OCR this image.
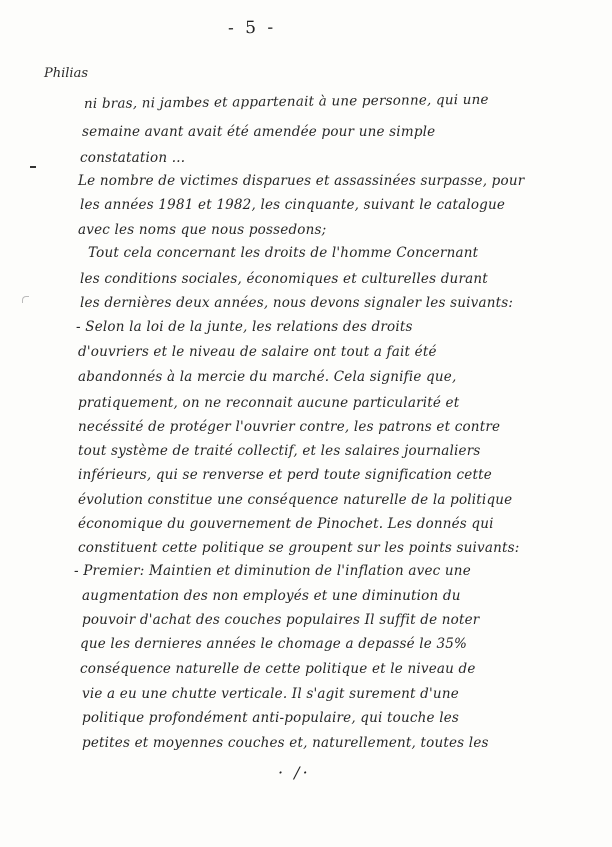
- 5 -
Philias
ni bras, ni jambes et appartenait à une personne, qui une
semaine avant avait été amendée pour une simple
constatation ...
Le nombre de victimes disparues et assassinées surpasse, pour
les années 1981 et 1982, les cinquante, suivant le catalogue
avec les noms que nous possedons;
Tout cela concernant les droits de l'homme Concernant
les conditions sociales, économiques et culturelles durant
les dernières deux années, nous devons signaler les suivants:
- Selon la loi de la junte, les relations des droits
d'ouvriers et le niveau de salaire ont tout a fait été
abandonnés à la mercie du marché. Cela signifie que,
pratiquement, on ne reconnait aucune particularité et
necéssité de protéger l'ouvrier contre, les patrons et contre
tout système de traité collectif, et les salaires journaliers
inférieurs, qui se renverse et perd toute signification cette
évolution constitue une conséquence naturelle de la politique
économique du gouvernement de Pinochet. Les donnés qui
constituent cette politique se groupent sur les points suivants:
- Premier: Maintien et diminution de l'inflation avec une
augmentation des non employés et une diminution du
pouvoir d'achat des couches populaires Il suffit de noter
que les dernieres années le chomage a depassé le 35%
conséquence naturelle de cette politique et le niveau de
vie a eu une chutte verticale. Il s'agit surement d'une
politique profondément anti-populaire, qui touche les
petites et moyennes couches et, naturellement, toutes les
· /·
